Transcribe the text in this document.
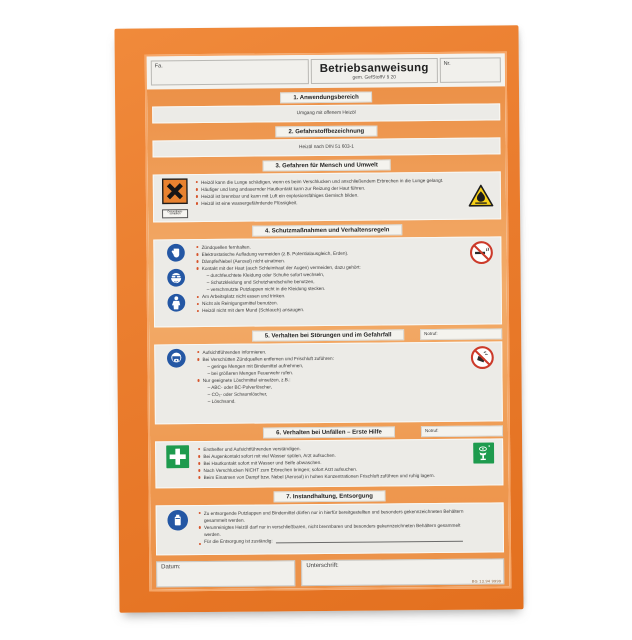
Fa.	Betriebsanweisung
gem. GefStoffV § 20
Nr.
1. Anwendungsbereich
Umgang mit offenem Heizöl
2. Gefahrstoffbezeichnung
Heizöl nach DIN 51 603-1
3. Gefahren für Mensch und Umwelt
Gesundheits- schädlich
Heizöl kann die Lunge schädigen, wenn es beim Verschlucken und anschließendem Erbrechen in die Lunge gelangt.
Häufiger und lang andauernder Hautkontakt kann zur Reizung der Haut führen.
Heizöl ist brennbar und kann mit Luft ein explosionsfähiges Gemisch bilden.
Heizöl ist eine wassergefährdende Flüssigkeit.
4. Schutzmaßnahmen und Verhaltensregeln
Zündquellen fernhalten.
Elektrostatische Aufladung vermeiden (z.B. Potentialausgleich, Erden).
Dämpfe/Nebel (Aerosol) nicht einatmen.
Kontakt mit der Haut (auch Schleimhaut der Augen) vermeiden, dazu gehört:
– durchfeuchtete Kleidung oder Schuhe sofort wechseln,
– Schutzkleidung und Schutzhandschuhe benutzen,
– verschmutzte Putzlappen nicht in die Kleidung stecken.
Am Arbeitsplatz nicht essen und trinken.
Nicht als Reinigungsmittel benutzen.
Heizöl nicht mit dem Mund (Schlauch) ansaugen.
5. Verhalten bei Störungen und im Gefahrfall	Notruf:
Aufsichtführenden informieren.
Bei Verschütten Zündquellen entfernen und Frischluft zuführen:
– geringe Mengen mit Bindemittel aufnehmen,
– bei größeren Mengen Feuerwehr rufen.
Nur geeignete Löschmittel einsetzen, z.B.:
– ABC- oder BC-Pulverlöscher,
– CO₂- oder Schaumlöscher,
– Löschsand.
6. Verhalten bei Unfällen – Erste Hilfe	Notruf:
Ersthelfer und Aufsichtführenden verständigen.
Bei Augenkontakt sofort mit viel Wasser spülen, Arzt aufsuchen.
Bei Hautkontakt sofort mit Wasser und Seife abwaschen.
Nach Verschlucken NICHT zum Erbrechen bringen; sofort Arzt aufsuchen.
Beim Einatmen von Dampf bzw. Nebel (Aerosol) in hohen Konzentrationen Frischluft zuführen und ruhig lagern.
7. Instandhaltung, Entsorgung
Zu entsorgende Putzlappen und Bindemittel dürfen nur in hierfür bereitgestellten und besonders gekennzeichneten Behältern gesammelt werden.
Verunreinigtes Heizöl darf nur in verschließbaren, nicht brennbaren und besonders gekennzeichneten Behältern gesammelt werden.
Für die Entsorgung ist zuständig:
Datum:	Unterschrift:
BG 13.94 9999
